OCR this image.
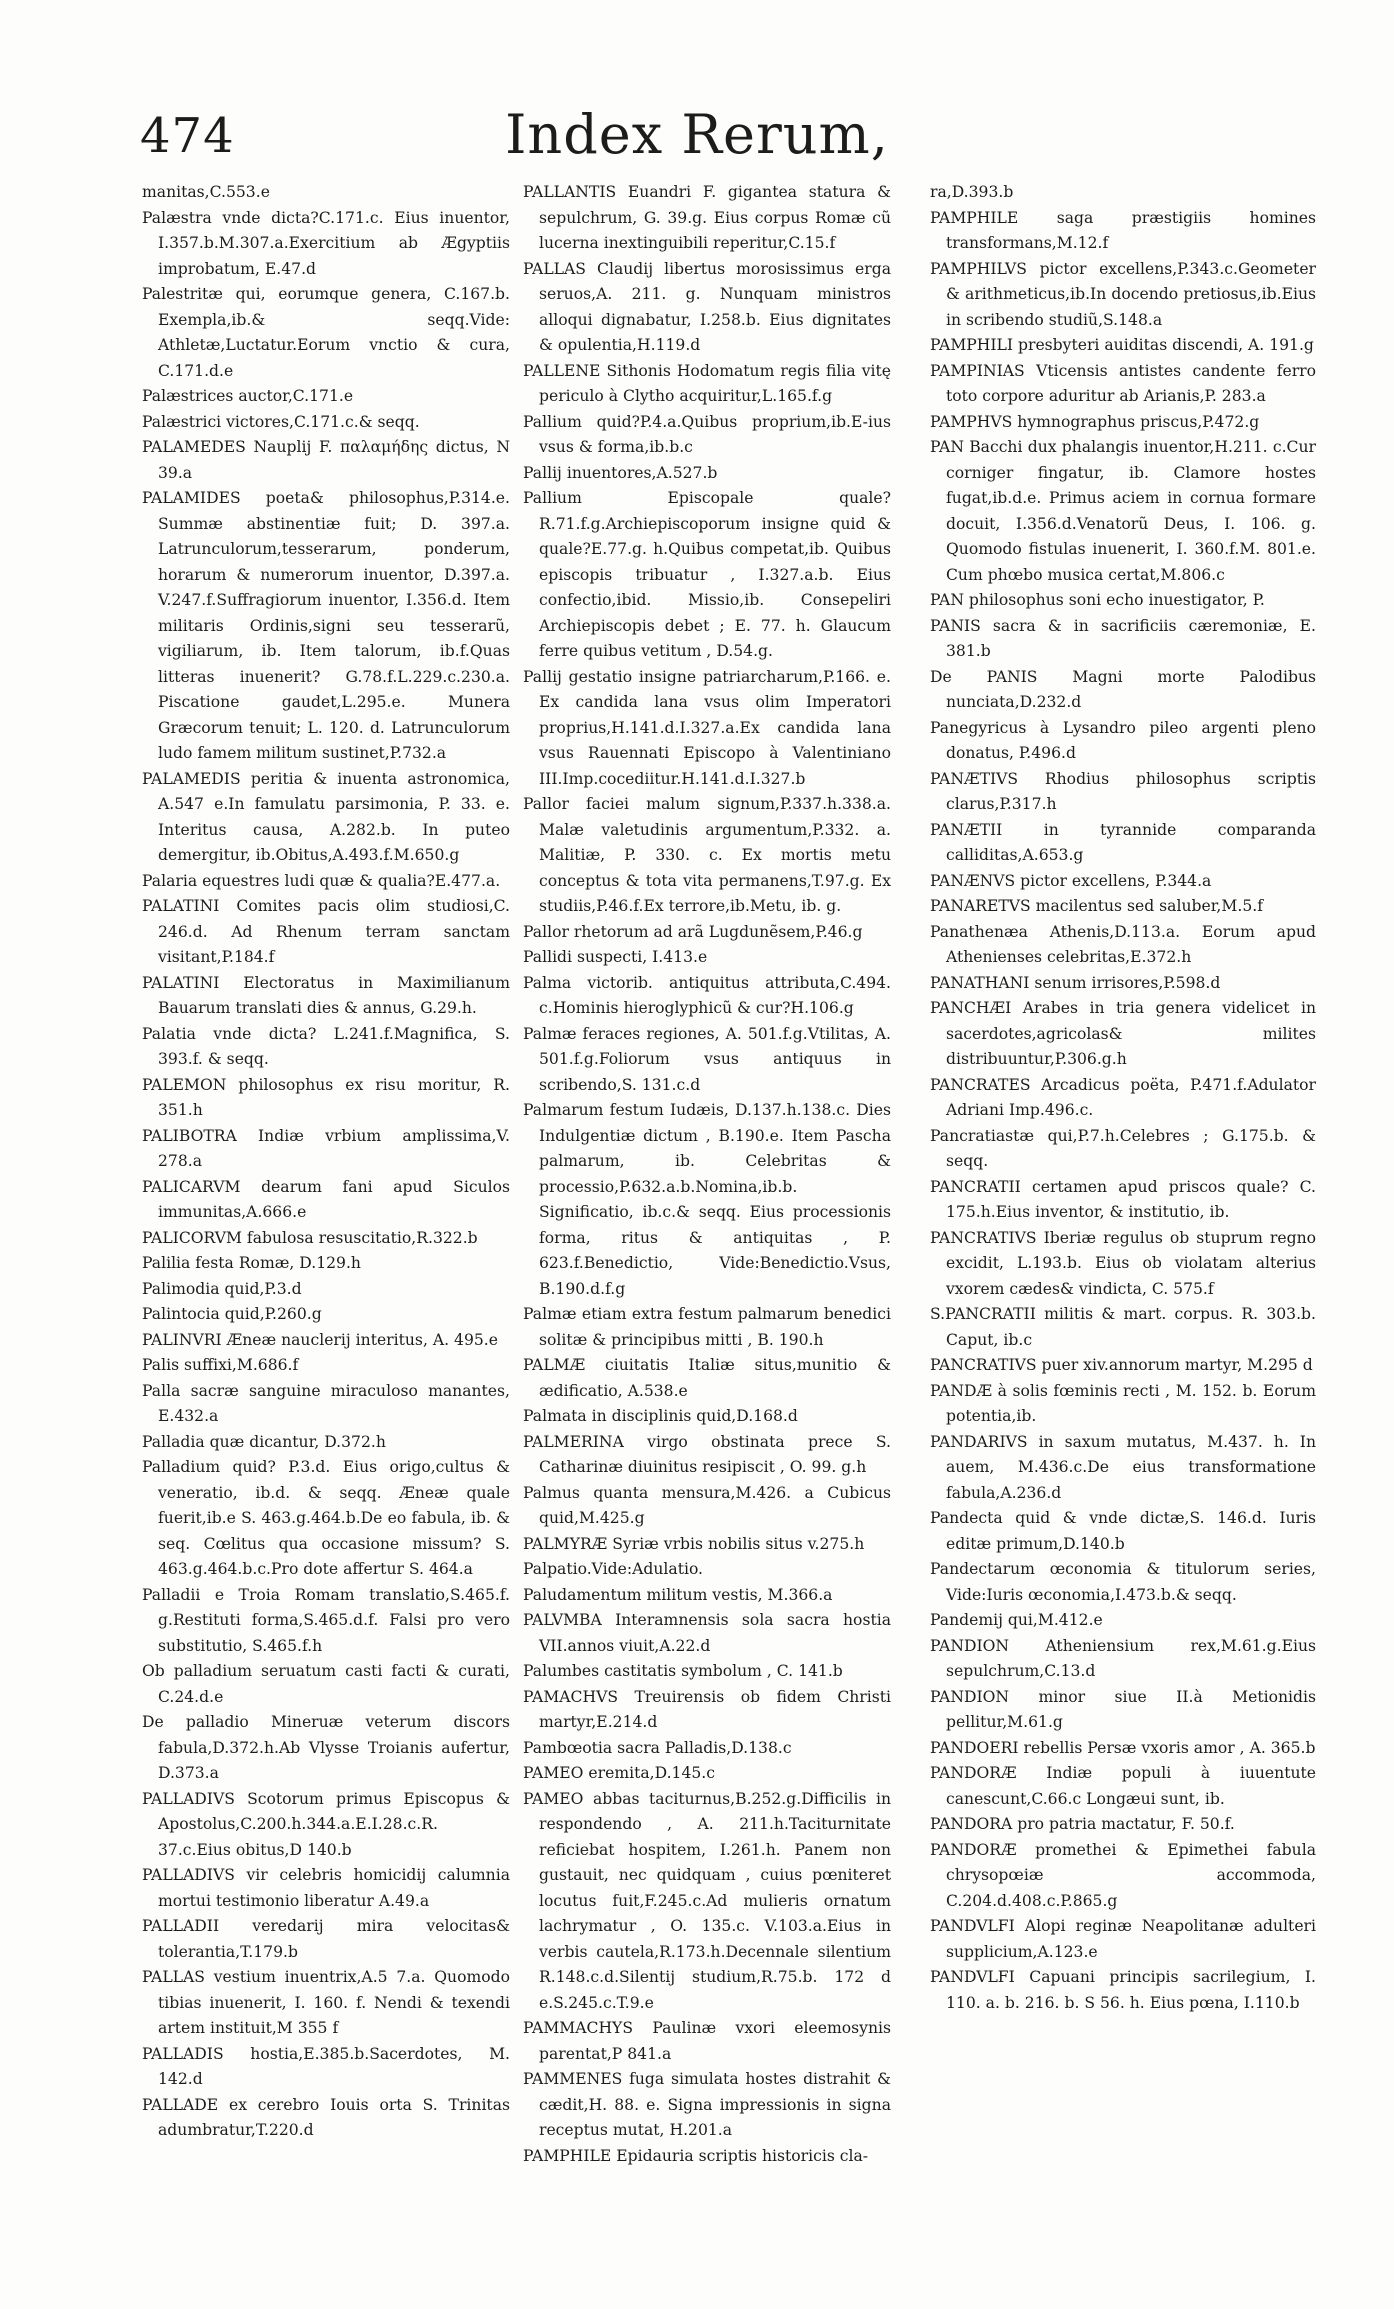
474	Index Rerum,

manitas,C.553.e

Palæstra vnde dicta?C.171.c. Eius inuentor, I.357.b.M.307.a.Exercitium ab Ægyptiis improbatum, E.47.d

Palestritæ qui, eorumque genera, C.167.b. Exempla,ib.& seqq.Vide: Athletæ,Luctatur.Eorum vnctio & cura, C.171.d.e

Palæstrices auctor,C.171.e

Palæstrici victores,C.171.c.& seqq.

PALAMEDES Nauplij F. παλαμήδης dictus, N 39.a

PALAMIDES poeta& philosophus,P.314.e. Summæ abstinentiæ fuit; D. 397.a. Latrunculorum,tesserarum, ponderum, horarum & numerorum inuentor, D.397.a. V.247.f.Suffragiorum inuentor, I.356.d. Item militaris Ordinis,signi seu tesserarũ, vigiliarum, ib. Item talorum, ib.f.Quas litteras inuenerit? G.78.f.L.229.c.230.a. Piscatione gaudet,L.295.e. Munera Græcorum tenuit; L. 120. d. Latrunculorum ludo famem militum sustinet,P.732.a

PALAMEDIS peritia & inuenta astronomica, A.547 e.In famulatu parsimonia, P. 33. e. Interitus causa, A.282.b. In puteo demergitur, ib.Obitus,A.493.f.M.650.g

Palaria equestres ludi quæ & qualia?E.477.a.

PALATINI Comites pacis olim studiosi,C. 246.d. Ad Rhenum terram sanctam visitant,P.184.f

PALATINI Electoratus in Maximilianum Bauarum translati dies & annus, G.29.h.

Palatia vnde dicta? L.241.f.Magnifica, S. 393.f. & seqq.

PALEMON philosophus ex risu moritur, R. 351.h

PALIBOTRA Indiæ vrbium amplissima,V. 278.a

PALICARVM dearum fani apud Siculos immunitas,A.666.e

PALICORVM fabulosa resuscitatio,R.322.b

Palilia festa Romæ, D.129.h

Palimodia quid,P.3.d

Palintocia quid,P.260.g

PALINVRI Æneæ nauclerij interitus, A. 495.e

Palis suffixi,M.686.f

Palla sacræ sanguine miraculoso manantes, E.432.a

Palladia quæ dicantur, D.372.h

Palladium quid? P.3.d. Eius origo,cultus & veneratio, ib.d. & seqq. Æneæ quale fuerit,ib.e S. 463.g.464.b.De eo fabula, ib. & seq. Cœlitus qua occasione missum? S. 463.g.464.b.c.Pro dote affertur S. 464.a

Palladii e Troia Romam translatio,S.465.f. g.Restituti forma,S.465.d.f. Falsi pro vero substitutio, S.465.f.h

Ob palladium seruatum casti facti & curati, C.24.d.e

De palladio Mineruæ veterum discors fabula,D.372.h.Ab Vlysse Troianis aufertur, D.373.a

PALLADIVS Scotorum primus Episcopus & Apostolus,C.200.h.344.a.E.I.28.c.R. 37.c.Eius obitus,D 140.b

PALLADIVS vir celebris homicidij calumnia mortui testimonio liberatur A.49.a

PALLADII veredarij mira velocitas& tolerantia,T.179.b

PALLAS vestium inuentrix,A.5 7.a. Quomodo tibias inuenerit, I. 160. f. Nendi & texendi artem instituit,M 355 f

PALLADIS hostia,E.385.b.Sacerdotes, M. 142.d

PALLADE ex cerebro Iouis orta S. Trinitas adumbratur,T.220.d

PALLANTIS Euandri F. gigantea statura & sepulchrum, G. 39.g. Eius corpus Romæ cũ lucerna inextinguibili reperitur,C.15.f

PALLAS Claudij libertus morosissimus erga seruos,A. 211. g. Nunquam ministros alloqui dignabatur, I.258.b. Eius dignitates & opulentia,H.119.d

PALLENE Sithonis Hodomatum regis filia vitę periculo à Clytho acquiritur,L.165.f.g

Pallium quid?P.4.a.Quibus proprium,ib.E-ius vsus & forma,ib.b.c

Pallij inuentores,A.527.b

Pallium Episcopale quale?R.71.f.g.Archiepiscoporum insigne quid & quale?E.77.g. h.Quibus competat,ib. Quibus episcopis tribuatur , I.327.a.b. Eius confectio,ibid. Missio,ib. Consepeliri Archiepiscopis debet ; E. 77. h. Glaucum ferre quibus vetitum , D.54.g.

Pallij gestatio insigne patriarcharum,P.166. e. Ex candida lana vsus olim Imperatori proprius,H.141.d.I.327.a.Ex candida lana vsus Rauennati Episcopo à Valentiniano III.Imp.cocediitur.H.141.d.I.327.b

Pallor faciei malum signum,P.337.h.338.a. Malæ valetudinis argumentum,P.332. a. Malitiæ, P. 330. c. Ex mortis metu conceptus & tota vita permanens,T.97.g. Ex studiis,P.46.f.Ex terrore,ib.Metu, ib. g.

Pallor rhetorum ad arã Lugdunẽsem,P.46.g

Pallidi suspecti, I.413.e

Palma victorib. antiquitus attributa,C.494. c.Hominis hieroglyphicũ & cur?H.106.g

Palmæ feraces regiones, A. 501.f.g.Vtilitas, A. 501.f.g.Foliorum vsus antiquus in scribendo,S. 131.c.d

Palmarum festum Iudæis, D.137.h.138.c. Dies Indulgentiæ dictum , B.190.e. Item Pascha palmarum, ib. Celebritas & processio,P.632.a.b.Nomina,ib.b. Significatio, ib.c.& seqq. Eius processionis forma, ritus & antiquitas , P. 623.f.Benedictio, Vide:Benedictio.Vsus, B.190.d.f.g

Palmæ etiam extra festum palmarum benedici solitæ & principibus mitti , B. 190.h

PALMÆ ciuitatis Italiæ situs,munitio & ædificatio, A.538.e

Palmata in disciplinis quid,D.168.d

PALMERINA virgo obstinata prece S. Catharinæ diuinitus resipiscit , O. 99. g.h

Palmus quanta mensura,M.426. a Cubicus quid,M.425.g

PALMYRÆ Syriæ vrbis nobilis situs v.275.h

Palpatio.Vide:Adulatio.

Paludamentum militum vestis, M.366.a

PALVMBA Interamnensis sola sacra hostia VII.annos viuit,A.22.d

Palumbes castitatis symbolum , C. 141.b

PAMACHVS Treuirensis ob fidem Christi martyr,E.214.d

Pambœotia sacra Palladis,D.138.c

PAMEO eremita,D.145.c

PAMEO abbas taciturnus,B.252.g.Difficilis in respondendo , A. 211.h.Taciturnitate reficiebat hospitem, I.261.h. Panem non gustauit, nec quidquam , cuius pœniteret locutus fuit,F.245.c.Ad mulieris ornatum lachrymatur , O. 135.c. V.103.a.Eius in verbis cautela,R.173.h.Decennale silentium R.148.c.d.Silentij studium,R.75.b. 172 d e.S.245.c.T.9.e

PAMMACHYS Paulinæ vxori eleemosynis parentat,P 841.a

PAMMENES fuga simulata hostes distrahit & cædit,H. 88. e. Signa impressionis in signa receptus mutat, H.201.a

PAMPHILE Epidauria scriptis historicis cla-

ra,D.393.b

PAMPHILE saga præstigiis homines transformans,M.12.f

PAMPHILVS pictor excellens,P.343.c.Geometer & arithmeticus,ib.In docendo pretiosus,ib.Eius in scribendo studiũ,S.148.a

PAMPHILI presbyteri auiditas discendi, A. 191.g

PAMPINIAS Vticensis antistes candente ferro toto corpore aduritur ab Arianis,P. 283.a

PAMPHVS hymnographus priscus,P.472.g

PAN Bacchi dux phalangis inuentor,H.211. c.Cur corniger fingatur, ib. Clamore hostes fugat,ib.d.e. Primus aciem in cornua formare docuit, I.356.d.Venatorũ Deus, I. 106. g. Quomodo fistulas inuenerit, I. 360.f.M. 801.e. Cum phœbo musica certat,M.806.c

PAN philosophus soni echo inuestigator, P.

PANIS sacra & in sacrificiis cæremoniæ, E. 381.b

De PANIS Magni morte Palodibus nunciata,D.232.d

Panegyricus à Lysandro pileo argenti pleno donatus, P.496.d

PANÆTIVS Rhodius philosophus scriptis clarus,P.317.h

PANÆTII in tyrannide comparanda calliditas,A.653.g

PANÆNVS pictor excellens, P.344.a

PANARETVS macilentus sed saluber,M.5.f

Panathenæa Athenis,D.113.a. Eorum apud Athenienses celebritas,E.372.h

PANATHANI senum irrisores,P.598.d

PANCHÆI Arabes in tria genera videlicet in sacerdotes,agricolas& milites distribuuntur,P.306.g.h

PANCRATES Arcadicus poëta, P.471.f.Adulator Adriani Imp.496.c.

Pancratiastæ qui,P.7.h.Celebres ; G.175.b. & seqq.

PANCRATII certamen apud priscos quale? C. 175.h.Eius inventor, & institutio, ib.

PANCRATIVS Iberiæ regulus ob stuprum regno excidit, L.193.b. Eius ob violatam alterius vxorem cædes& vindicta, C. 575.f

S.PANCRATII militis & mart. corpus. R. 303.b. Caput, ib.c

PANCRATIVS puer xiv.annorum martyr, M.295 d

PANDÆ à solis fœminis recti , M. 152. b. Eorum potentia,ib.

PANDARIVS in saxum mutatus, M.437. h. In auem, M.436.c.De eius transformatione fabula,A.236.d

Pandecta quid & vnde dictæ,S. 146.d. Iuris editæ primum,D.140.b

Pandectarum œconomia & titulorum series, Vide:Iuris œconomia,I.473.b.& seqq.

Pandemij qui,M.412.e

PANDION Atheniensium rex,M.61.g.Eius sepulchrum,C.13.d

PANDION minor siue II.à Metionidis pellitur,M.61.g

PANDOERI rebellis Persæ vxoris amor , A. 365.b

PANDORÆ Indiæ populi à iuuentute canescunt,C.66.c Longæui sunt, ib.

PANDORA pro patria mactatur, F. 50.f.

PANDORÆ promethei & Epimethei fabula chrysopœiæ accommoda, C.204.d.408.c.P.865.g

PANDVLFI Alopi reginæ Neapolitanæ adulteri supplicium,A.123.e

PANDVLFI Capuani principis sacrilegium, I. 110. a. b. 216. b. S 56. h. Eius pœna, I.110.b
